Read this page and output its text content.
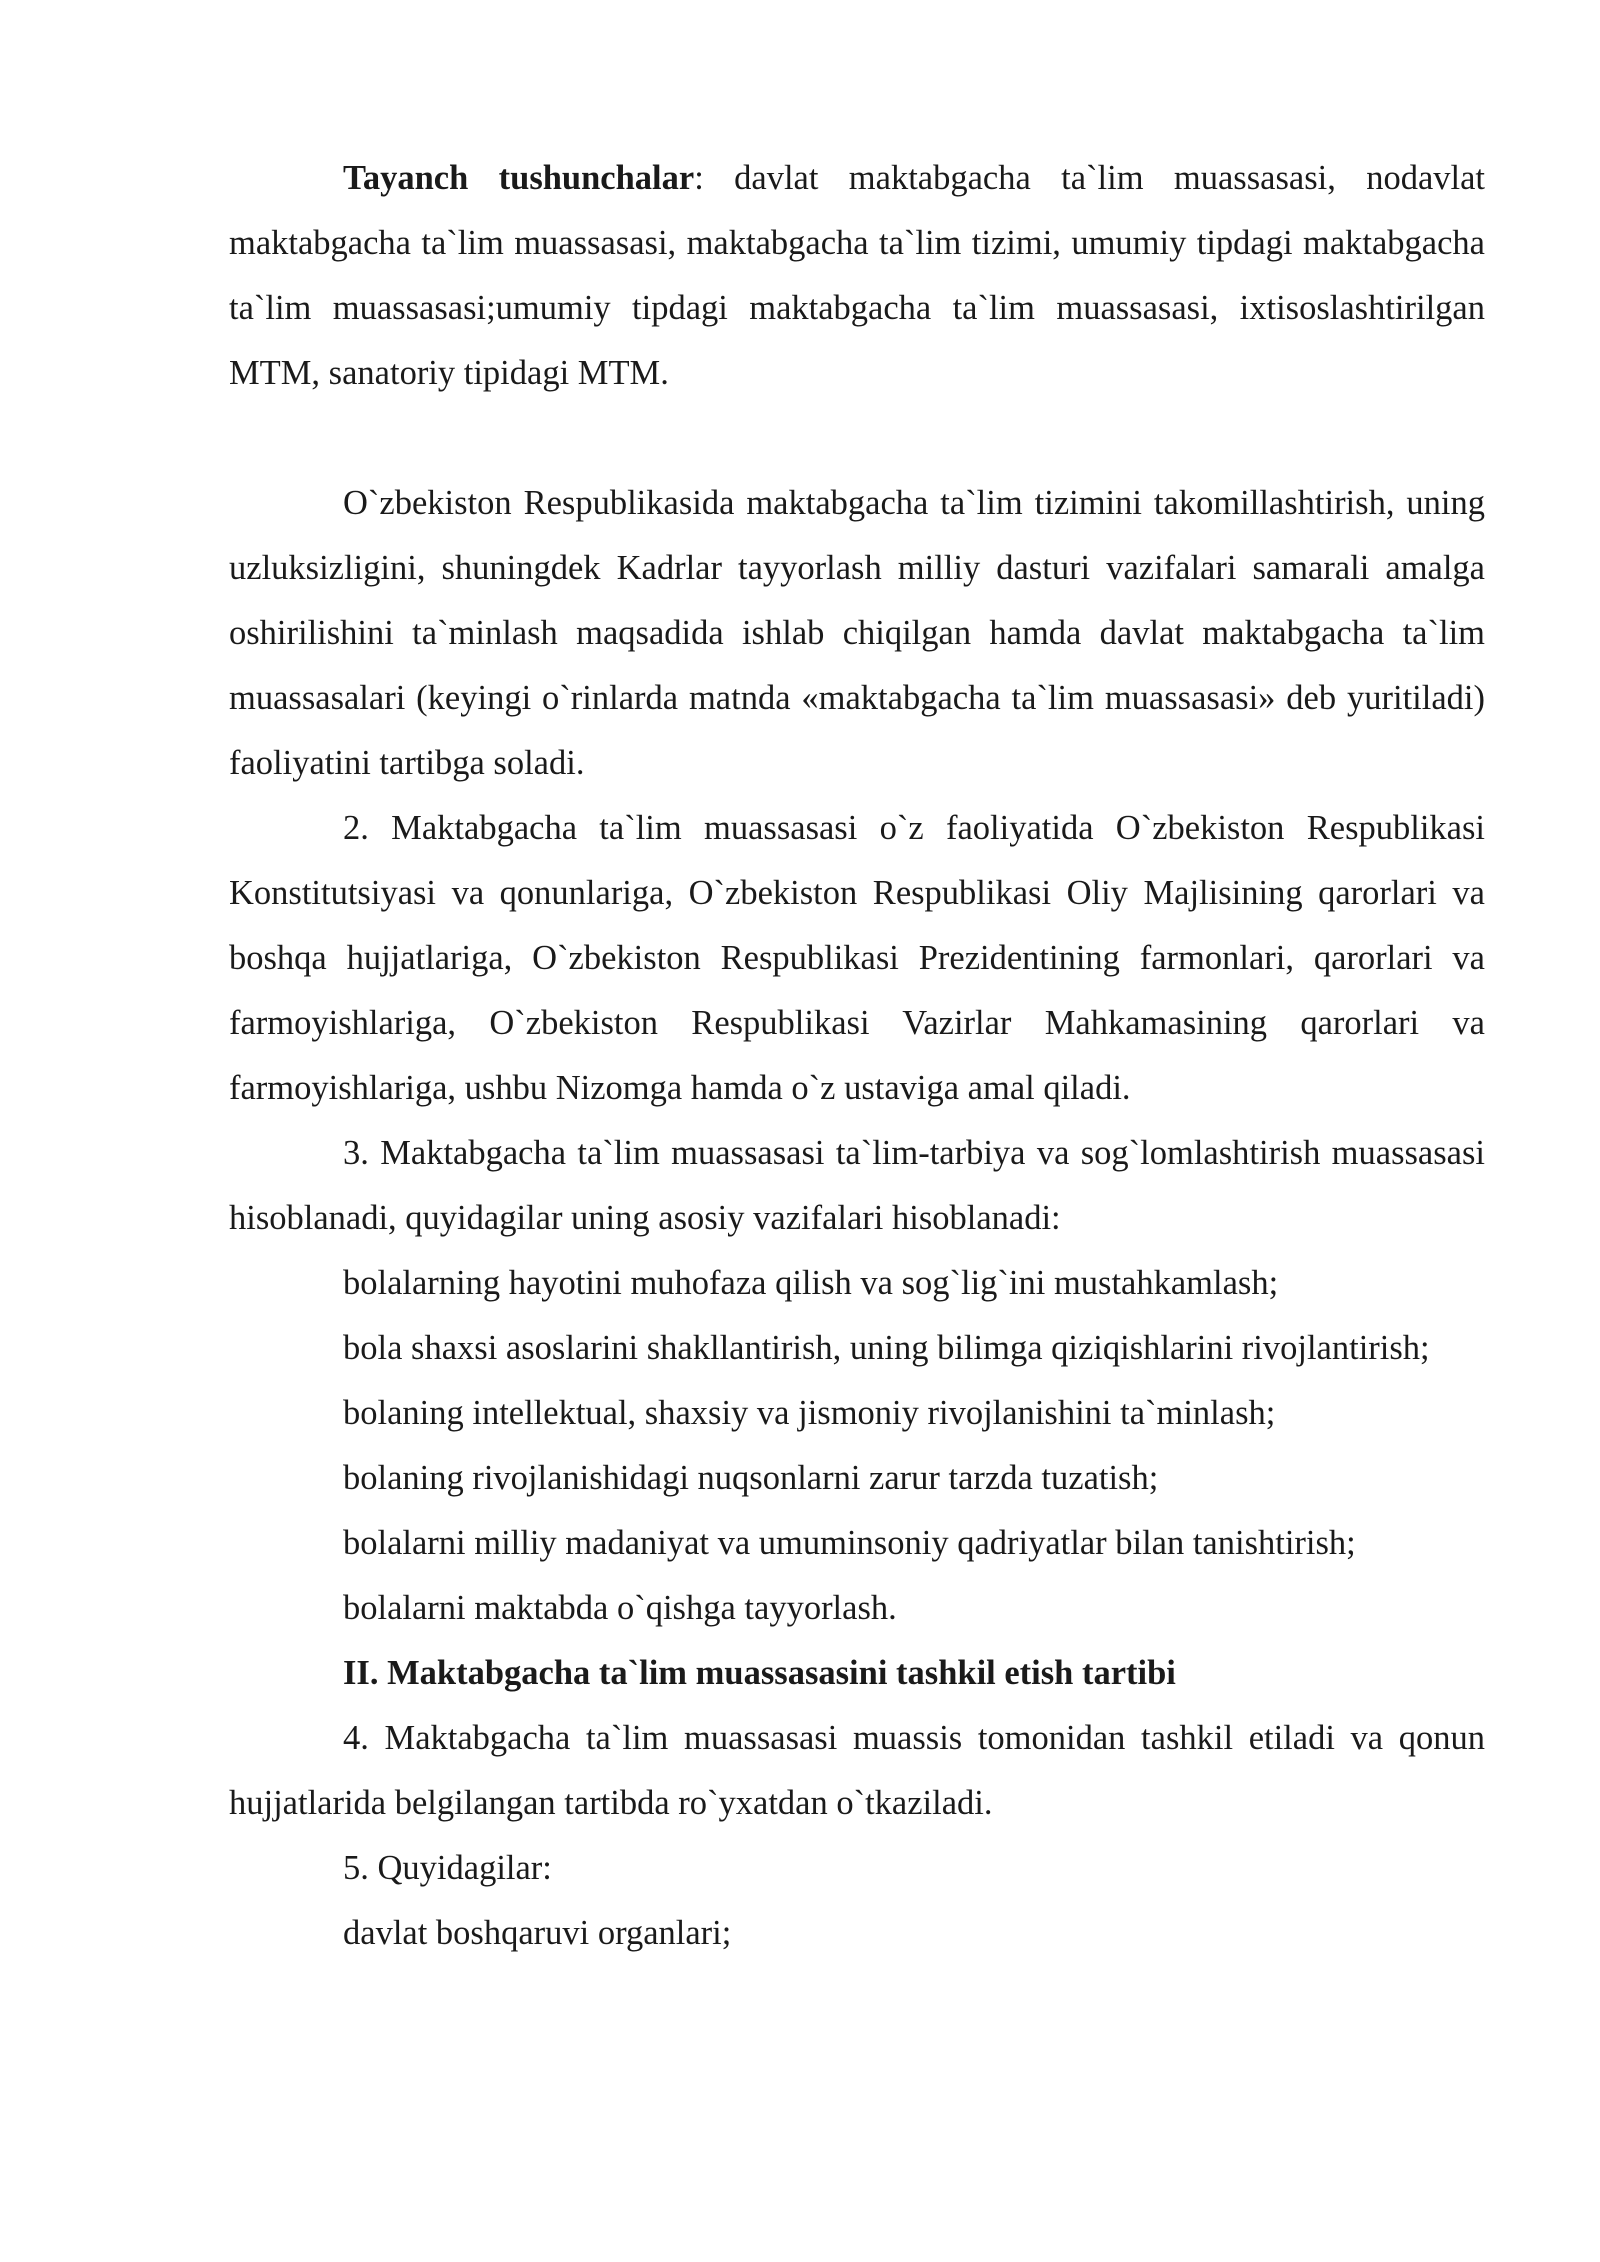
Tayanch tushunchalar: davlat maktabgacha ta`lim muassasasi, nodavlat maktabgacha ta`lim muassasasi, maktabgacha ta`lim tizimi, umumiy tipdagi maktabgacha ta`lim muassasasi;umumiy tipdagi maktabgacha ta`lim muassasasi, ixtisoslashtirilgan MTM, sanatoriy tipidagi MTM.

O`zbekiston Respublikasida maktabgacha ta`lim tizimini takomillashtirish, uning uzluksizligini, shuningdek Kadrlar tayyorlash milliy dasturi vazifalari samarali amalga oshirilishini ta`minlash maqsadida ishlab chiqilgan hamda davlat maktabgacha ta`lim muassasalari (keyingi o`rinlarda matnda «maktabgacha ta`lim muassasasi» deb yuritiladi) faoliyatini tartibga soladi.

2. Maktabgacha ta`lim muassasasi o`z faoliyatida O`zbekiston Respublikasi Konstitutsiyasi va qonunlariga, O`zbekiston Respublikasi Oliy Majlisining qarorlari va boshqa hujjatlariga, O`zbekiston Respublikasi Prezidentining farmonlari, qarorlari va farmoyishlariga, O`zbekiston Respublikasi Vazirlar Mahkamasining qarorlari va farmoyishlariga, ushbu Nizomga hamda o`z ustaviga amal qiladi.

3. Maktabgacha ta`lim muassasasi ta`lim-tarbiya va sog`lomlashtirish muassasasi hisoblanadi, quyidagilar uning asosiy vazifalari hisoblanadi:

bolalarning hayotini muhofaza qilish va sog`lig`ini mustahkamlash;

bola shaxsi asoslarini shakllantirish, uning bilimga qiziqishlarini rivojlantirish;

bolaning intellektual, shaxsiy va jismoniy rivojlanishini ta`minlash;

bolaning rivojlanishidagi nuqsonlarni zarur tarzda tuzatish;

bolalarni milliy madaniyat va umuminsoniy qadriyatlar bilan tanishtirish;

bolalarni maktabda o`qishga tayyorlash.

II. Maktabgacha ta`lim muassasasini tashkil etish tartibi

4. Maktabgacha ta`lim muassasasi muassis tomonidan tashkil etiladi va qonun hujjatlarida belgilangan tartibda ro`yxatdan o`tkaziladi.

5. Quyidagilar:

davlat boshqaruvi organlari;
